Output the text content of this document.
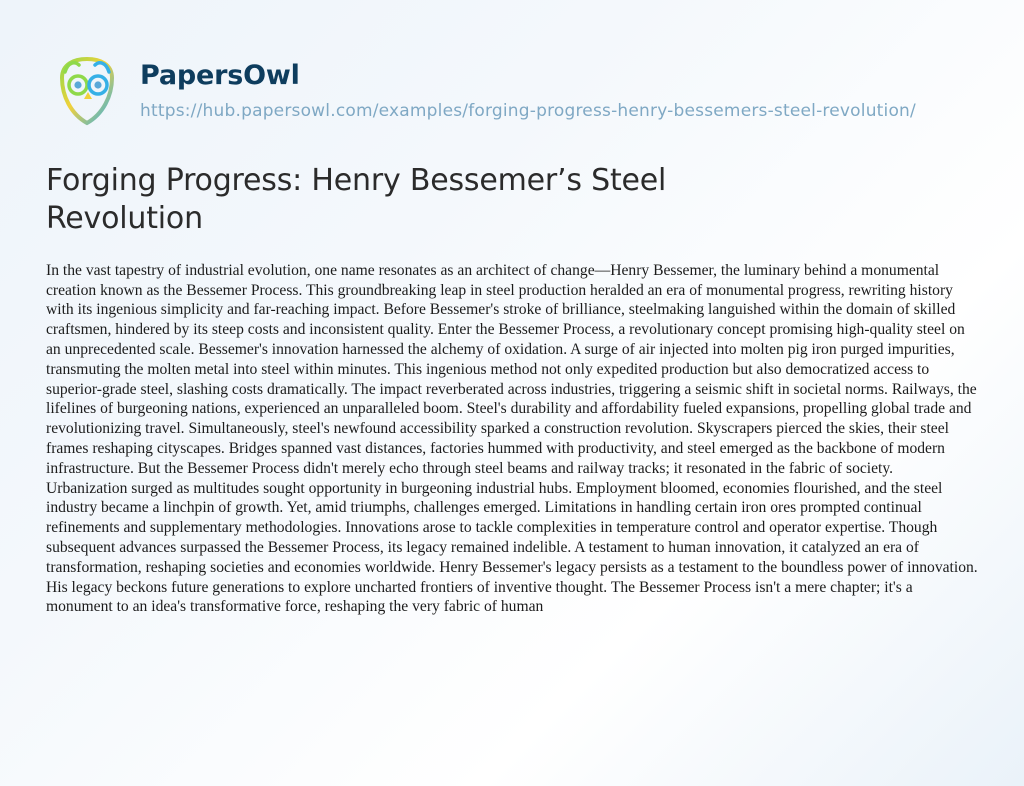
PapersOwl
https://hub.papersowl.com/examples/forging-progress-henry-bessemers-steel-revolution/
Forging Progress: Henry Bessemer’s Steel Revolution
In the vast tapestry of industrial evolution, one name resonates as an architect of change—Henry Bessemer, the luminary behind a monumental creation known as the Bessemer Process. This groundbreaking leap in steel production heralded an era of monumental progress, rewriting history with its ingenious simplicity and far-reaching impact. Before Bessemer's stroke of brilliance, steelmaking languished within the domain of skilled craftsmen, hindered by its steep costs and inconsistent quality. Enter the Bessemer Process, a revolutionary concept promising high-quality steel on an unprecedented scale. Bessemer's innovation harnessed the alchemy of oxidation. A surge of air injected into molten pig iron purged impurities, transmuting the molten metal into steel within minutes. This ingenious method not only expedited production but also democratized access to superior-grade steel, slashing costs dramatically. The impact reverberated across industries, triggering a seismic shift in societal norms. Railways, the lifelines of burgeoning nations, experienced an unparalleled boom. Steel's durability and affordability fueled expansions, propelling global trade and revolutionizing travel. Simultaneously, steel's newfound accessibility sparked a construction revolution. Skyscrapers pierced the skies, their steel frames reshaping cityscapes. Bridges spanned vast distances, factories hummed with productivity, and steel emerged as the backbone of modern infrastructure. But the Bessemer Process didn't merely echo through steel beams and railway tracks; it resonated in the fabric of society. Urbanization surged as multitudes sought opportunity in burgeoning industrial hubs. Employment bloomed, economies flourished, and the steel industry became a linchpin of growth. Yet, amid triumphs, challenges emerged. Limitations in handling certain iron ores prompted continual refinements and supplementary methodologies. Innovations arose to tackle complexities in temperature control and operator expertise. Though subsequent advances surpassed the Bessemer Process, its legacy remained indelible. A testament to human innovation, it catalyzed an era of transformation, reshaping societies and economies worldwide. Henry Bessemer's legacy persists as a testament to the boundless power of innovation. His legacy beckons future generations to explore uncharted frontiers of inventive thought. The Bessemer Process isn't a mere chapter; it's a monument to an idea's transformative force, reshaping the very fabric of human
